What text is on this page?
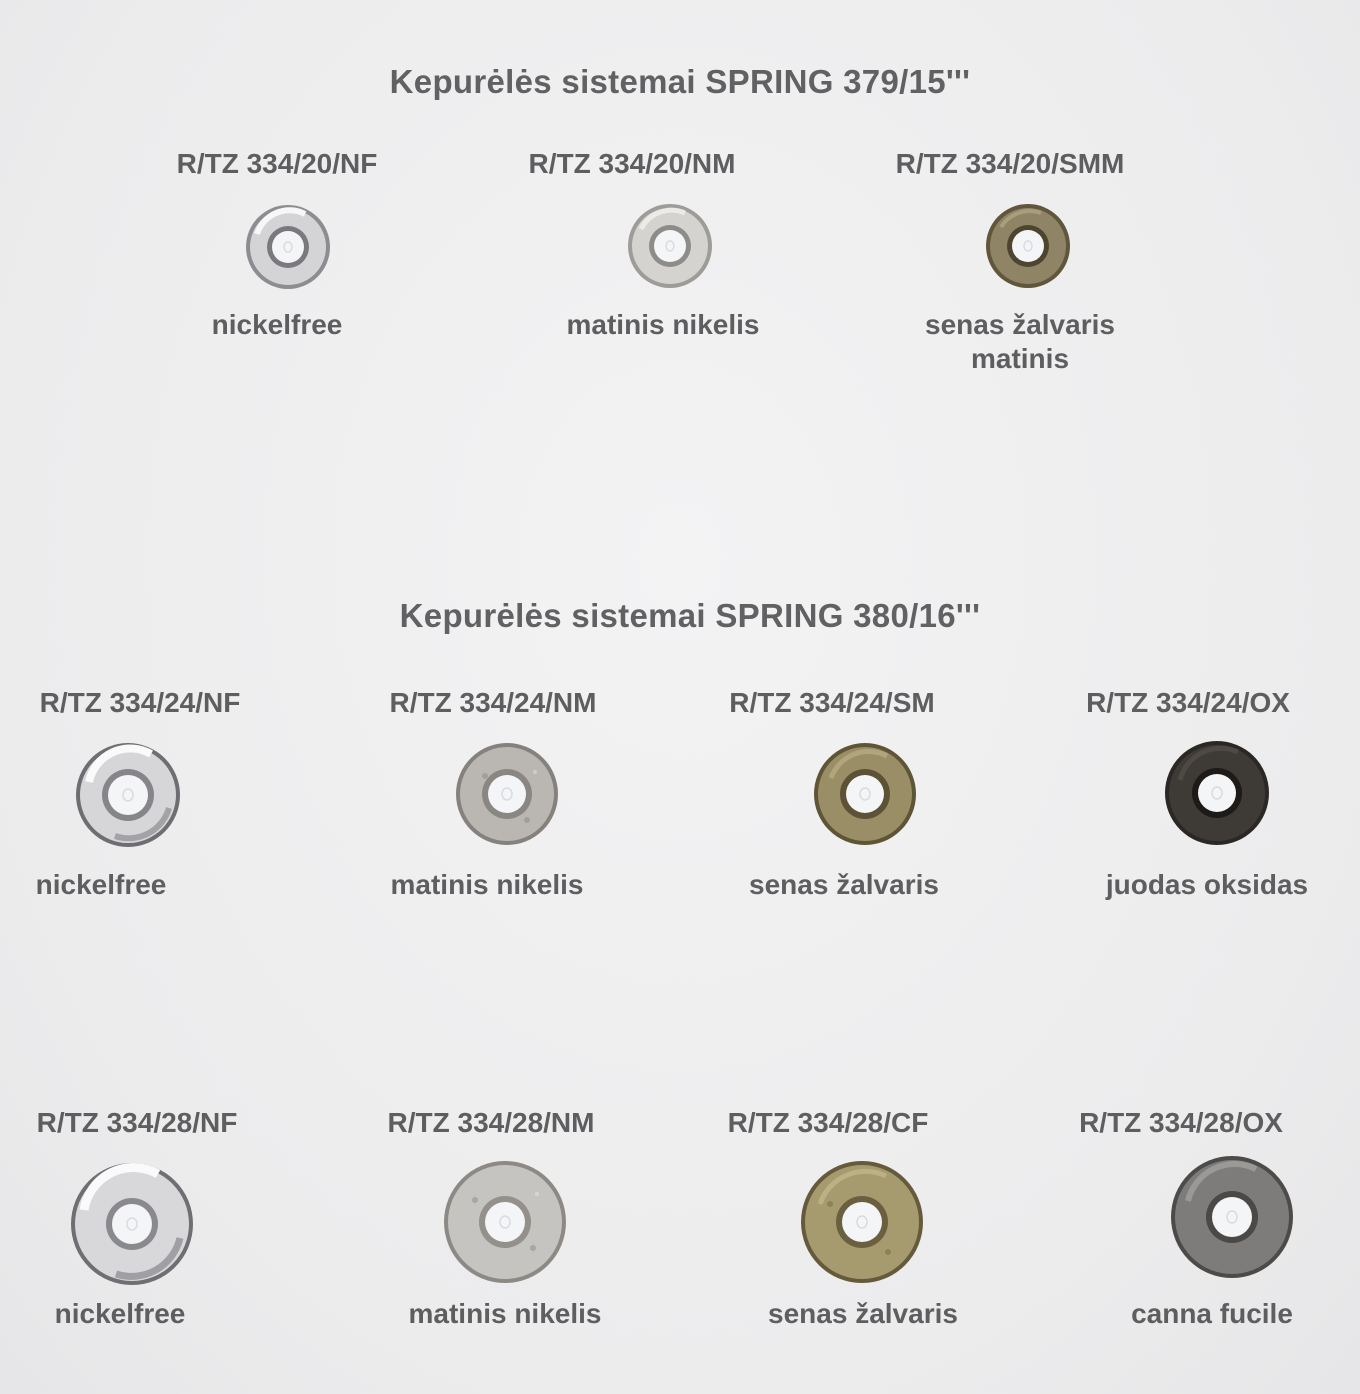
Kepurėlės sistemai SPRING 379/15'''
R/TZ 334/20/NF
nickelfree
R/TZ 334/20/NM
matinis nikelis
R/TZ 334/20/SMM
senas žalvaris
matinis
Kepurėlės sistemai SPRING 380/16'''
R/TZ 334/24/NF
nickelfree
R/TZ 334/24/NM
matinis nikelis
R/TZ 334/24/SM
senas žalvaris
R/TZ 334/24/OX
juodas oksidas
R/TZ 334/28/NF
nickelfree
R/TZ 334/28/NM
matinis nikelis
R/TZ 334/28/CF
senas žalvaris
R/TZ 334/28/OX
canna fucile
